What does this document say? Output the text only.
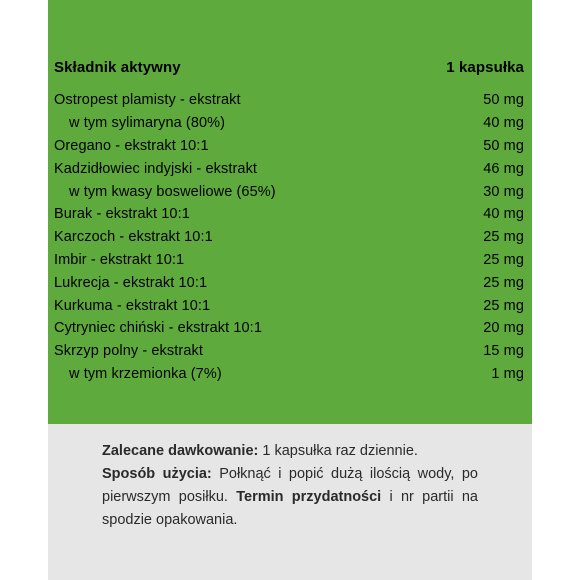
Składnik aktywny	1 kapsułka
Ostropest plamisty - ekstrakt	50 mg
w tym sylimaryna (80%)	40 mg
Oregano - ekstrakt 10:1	50 mg
Kadzidłowiec indyjski - ekstrakt	46 mg
w tym kwasy bosweliowe (65%)	30 mg
Burak - ekstrakt 10:1	40 mg
Karczoch - ekstrakt 10:1	25 mg
Imbir - ekstrakt 10:1	25 mg
Lukrecja - ekstrakt 10:1	25 mg
Kurkuma - ekstrakt 10:1	25 mg
Cytryniec chiński - ekstrakt 10:1	20 mg
Skrzyp polny - ekstrakt	15 mg
w tym krzemionka (7%)	1 mg

Zalecane dawkowanie: 1 kapsułka raz dziennie.

Sposób użycia: Połknąć i popić dużą ilością wody, po pierwszym posiłku. Termin przydatności i nr partii na spodzie opakowania.
